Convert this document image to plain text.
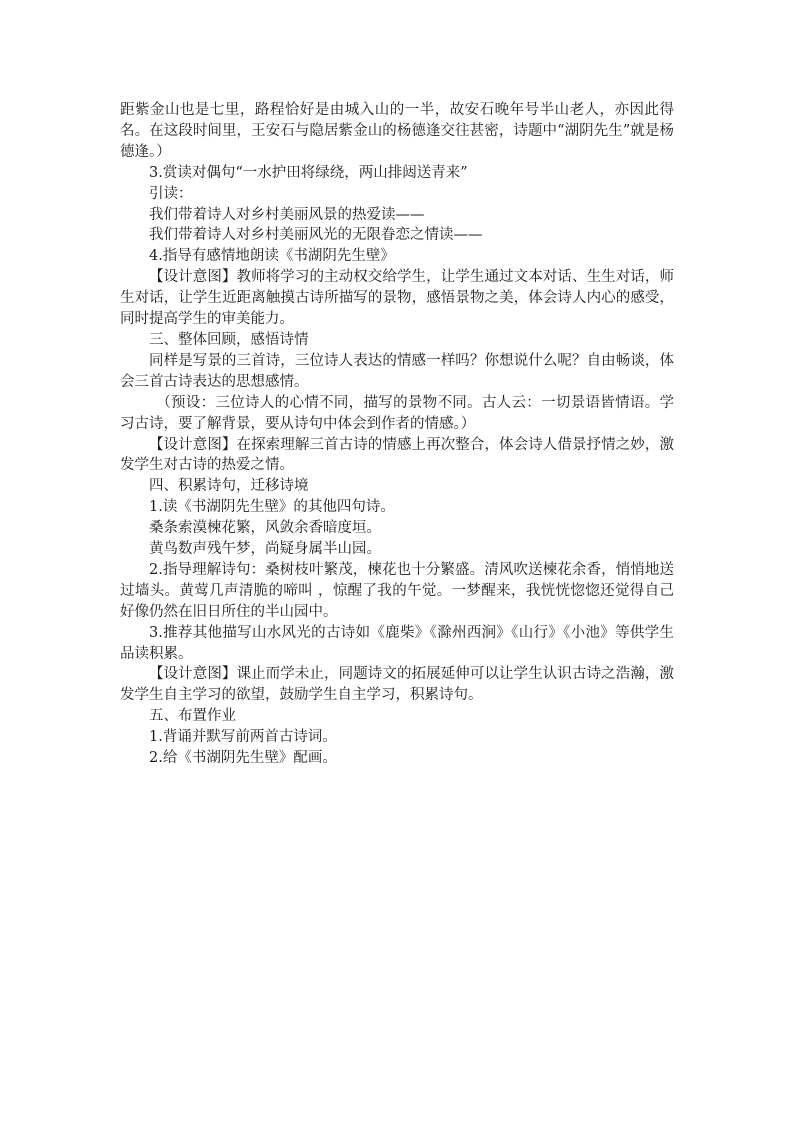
距紫金山也是七里，路程恰好是由城入山的一半，故安石晚年号半山老人，亦因此得名。在这段时间里，王安石与隐居紫金山的杨德逢交往甚密，诗题中“湖阴先生”就是杨德逢。）

3.赏读对偶句“一水护田将绿绕，两山排闼送青来”

引读：

我们带着诗人对乡村美丽风景的热爱读——

我们带着诗人对乡村美丽风光的无限眷恋之情读——

4.指导有感情地朗读《书湖阴先生壁》

【设计意图】教师将学习的主动权交给学生，让学生通过文本对话、生生对话，师生对话，让学生近距离触摸古诗所描写的景物，感悟景物之美，体会诗人内心的感受，同时提高学生的审美能力。

三、整体回顾，感悟诗情

同样是写景的三首诗，三位诗人表达的情感一样吗？你想说什么呢？自由畅谈，体会三首古诗表达的思想感情。

（预设：三位诗人的心情不同，描写的景物不同。古人云：一切景语皆情语。学习古诗，要了解背景，要从诗句中体会到作者的情感。）

【设计意图】在探索理解三首古诗的情感上再次整合，体会诗人借景抒情之妙，激发学生对古诗的热爱之情。

四、积累诗句，迁移诗境

1.读《书湖阴先生壁》的其他四句诗。

桑条索漠楝花繁，风敛余香暗度垣。

黄鸟数声残午梦，尚疑身属半山园。

2.指导理解诗句：桑树枝叶繁茂，楝花也十分繁盛。清风吹送楝花余香，悄悄地送过墙头。黄莺几声清脆的啼叫 ，惊醒了我的午觉。一梦醒来，我恍恍惚惚还觉得自己好像仍然在旧日所住的半山园中。

3.推荐其他描写山水风光的古诗如《鹿柴》《滁州西涧》《山行》《小池》等供学生品读积累。

【设计意图】课止而学未止，同题诗文的拓展延伸可以让学生认识古诗之浩瀚，激发学生自主学习的欲望，鼓励学生自主学习，积累诗句。

五、布置作业

1.背诵并默写前两首古诗词。

2.给《书湖阴先生壁》配画。
